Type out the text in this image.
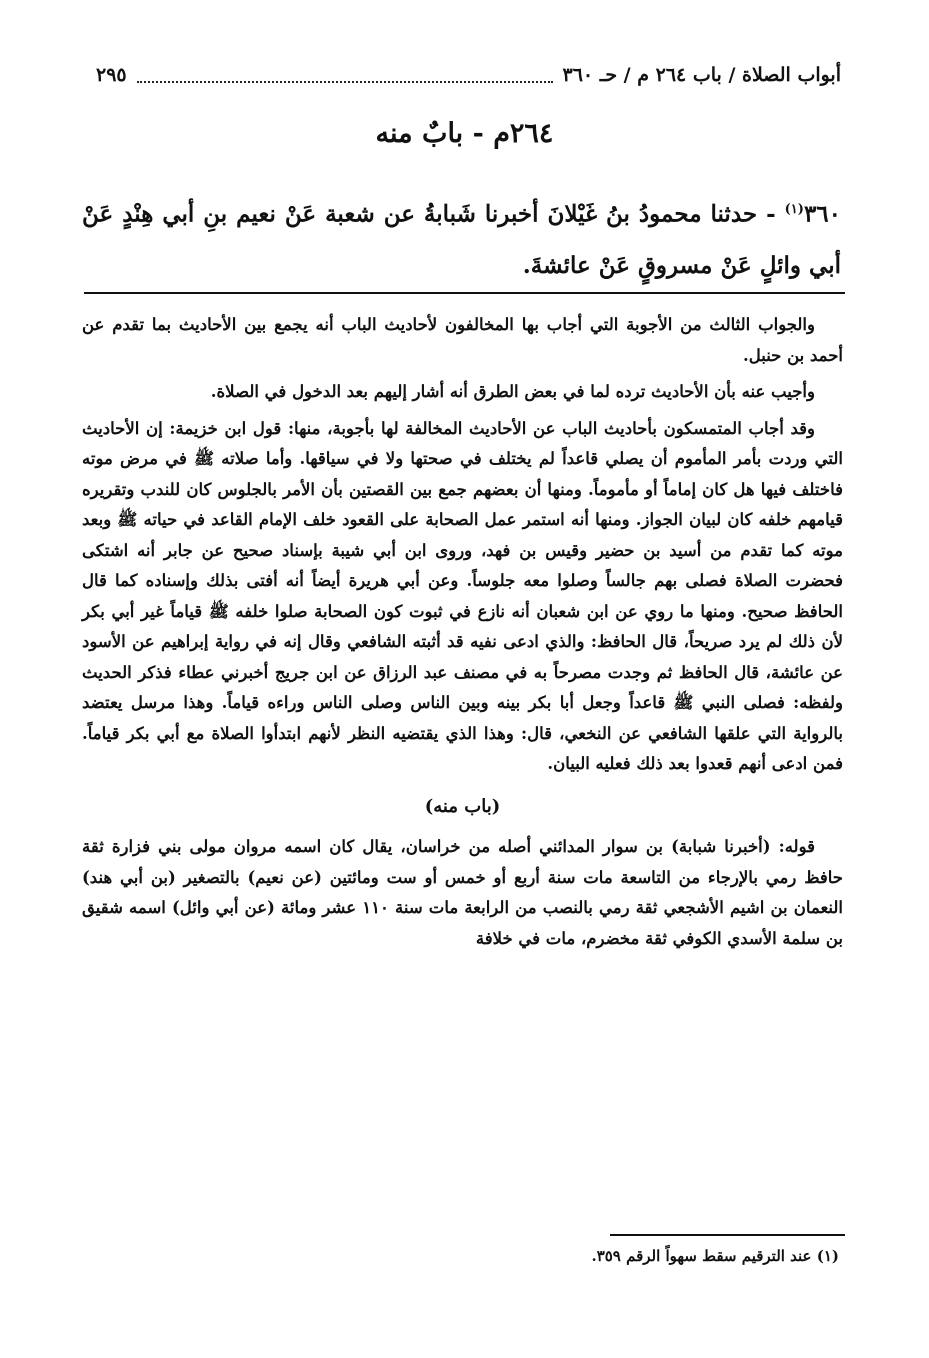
أبواب الصلاة / باب ٢٦٤ م / حـ ٣٦٠
٢٩٥
٢٦٤م - بابٌ منه
٣٦٠$^{(١)}$ - حدثنا محمودُ بنُ غَيْلانَ أخبرنا شَبابةُ عن شعبة عَنْ نعيم بنِ أبي هِنْدٍ عَنْ أبي وائلٍ عَنْ مسروقٍ عَنْ عائشةَ.

والجواب الثالث من الأجوبة التي أجاب بها المخالفون لأحاديث الباب أنه يجمع بين الأحاديث بما تقدم عن أحمد بن حنبل.

وأجيب عنه بأن الأحاديث ترده لما في بعض الطرق أنه أشار إليهم بعد الدخول في الصلاة.

وقد أجاب المتمسكون بأحاديث الباب عن الأحاديث المخالفة لها بأجوبة، منها: قول ابن خزيمة: إن الأحاديث التي وردت بأمر المأموم أن يصلي قاعداً لم يختلف في صحتها ولا في سياقها. وأما صلاته ﷺ في مرض موته فاختلف فيها هل كان إماماً أو مأموماً. ومنها أن بعضهم جمع بين القصتين بأن الأمر بالجلوس كان للندب وتقريره قيامهم خلفه كان لبيان الجواز. ومنها أنه استمر عمل الصحابة على القعود خلف الإمام القاعد في حياته ﷺ وبعد موته كما تقدم من أسيد بن حضير وقيس بن فهد، وروى ابن أبي شيبة بإسناد صحيح عن جابر أنه اشتكى فحضرت الصلاة فصلى بهم جالساً وصلوا معه جلوساً. وعن أبي هريرة أيضاً أنه أفتى بذلك وإسناده كما قال الحافظ صحيح. ومنها ما روي عن ابن شعبان أنه نازع في ثبوت كون الصحابة صلوا خلفه ﷺ قياماً غير أبي بكر لأن ذلك لم يرد صريحاً، قال الحافظ: والذي ادعى نفيه قد أثبته الشافعي وقال إنه في رواية إبراهيم عن الأسود عن عائشة، قال الحافظ ثم وجدت مصرحاً به في مصنف عبد الرزاق عن ابن جريج أخبرني عطاء فذكر الحديث ولفظه: فصلى النبي ﷺ قاعداً وجعل أبا بكر بينه وبين الناس وصلى الناس وراءه قياماً. وهذا مرسل يعتضد بالرواية التي علقها الشافعي عن النخعي، قال: وهذا الذي يقتضيه النظر لأنهم ابتدأوا الصلاة مع أبي بكر قياماً. فمن ادعى أنهم قعدوا بعد ذلك فعليه البيان.

(باب منه)

قوله: (أخبرنا شبابة) بن سوار المدائني أصله من خراسان، يقال كان اسمه مروان مولى بني فزارة ثقة حافظ رمي بالإرجاء من التاسعة مات سنة أربع أو خمس أو ست ومائتين (عن نعيم) بالتصغير (بن أبي هند) النعمان بن اشيم الأشجعي ثقة رمي بالنصب من الرابعة مات سنة ١١٠ عشر ومائة (عن أبي وائل) اسمه شقيق بن سلمة الأسدي الكوفي ثقة مخضرم، مات في خلافة

(١) عند الترقيم سقط سهواً الرقم ٣٥٩.
